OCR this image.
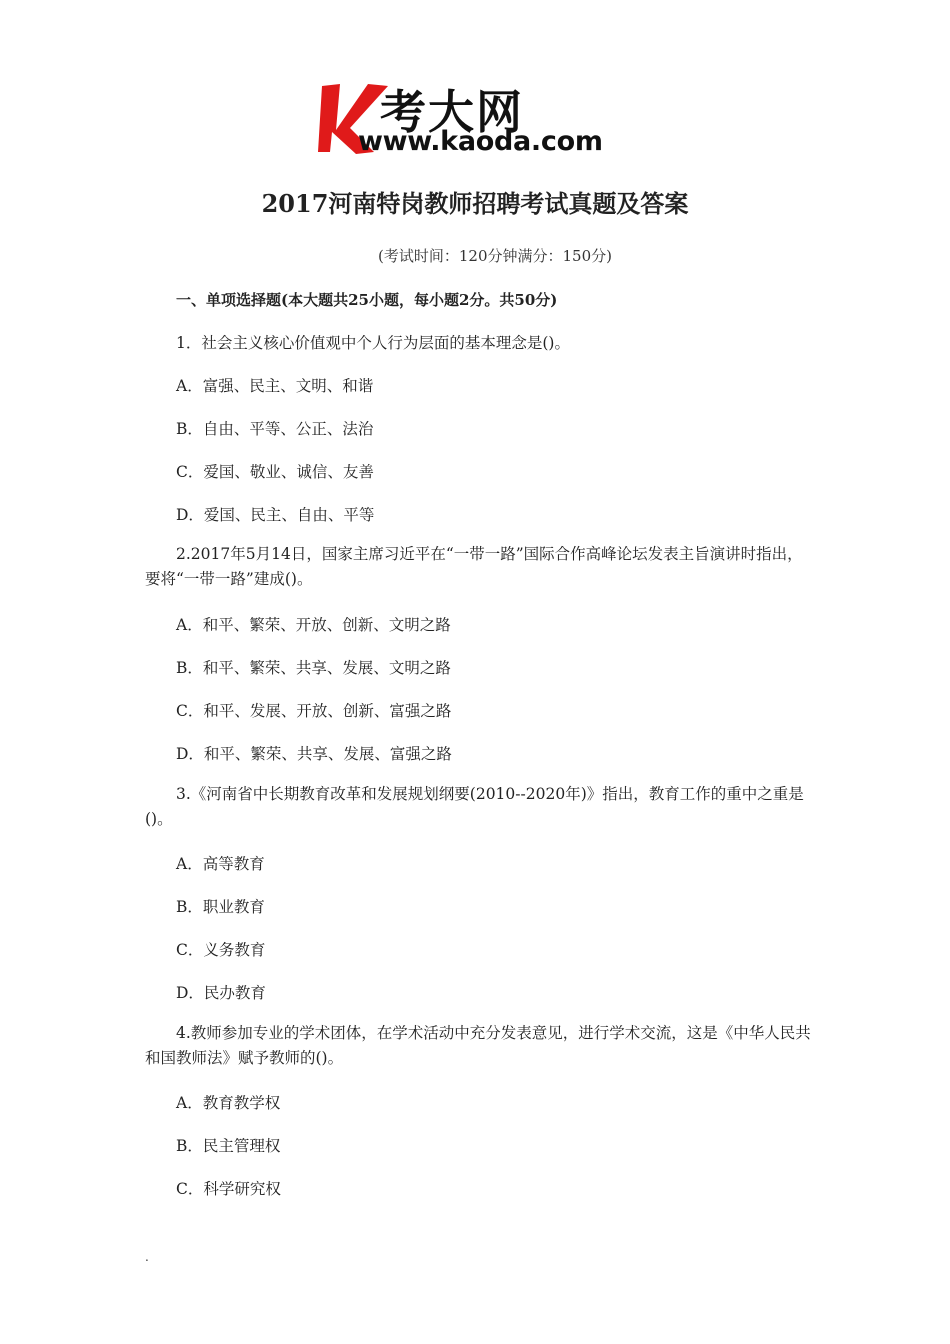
考大网
www.kaoda.com
2017河南特岗教师招聘考试真题及答案
(考试时间：120分钟满分：150分)
一、单项选择题(本大题共25小题，每小题2分。共50分)
1．社会主义核心价值观中个人行为层面的基本理念是()。
A．富强、民主、文明、和谐
B．自由、平等、公正、法治
C．爱国、敬业、诚信、友善
D．爱国、民主、自由、平等
2.2017年5月14日，国家主席习近平在“一带一路”国际合作高峰论坛发表主旨演讲时指出，要将“一带一路”建成()。
A．和平、繁荣、开放、创新、文明之路
B．和平、繁荣、共享、发展、文明之路
C．和平、发展、开放、创新、富强之路
D．和平、繁荣、共享、发展、富强之路
3.《河南省中长期教育改革和发展规划纲要(2010--2020年)》指出，教育工作的重中之重是()。
A．高等教育
B．职业教育
C．义务教育
D．民办教育
4.教师参加专业的学术团体，在学术活动中充分发表意见，进行学术交流，这是《中华人民共和国教师法》赋予教师的()。
A．教育教学权
B．民主管理权
C．科学研究权
.
